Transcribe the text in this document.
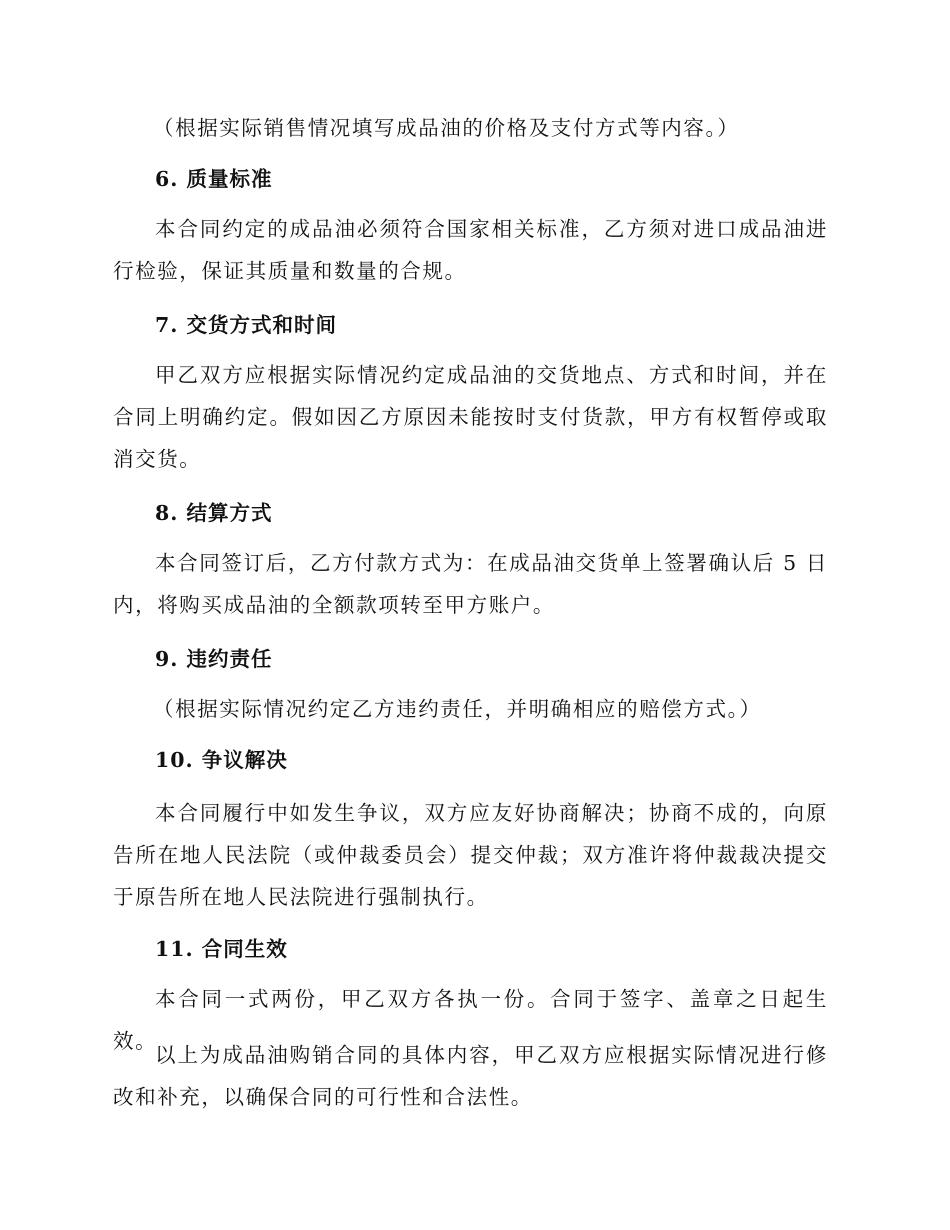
（根据实际销售情况填写成品油的价格及支付方式等内容。）

6. 质量标准

本合同约定的成品油必须符合国家相关标准，乙方须对进口成品油进行检验，保证其质量和数量的合规。

7. 交货方式和时间

甲乙双方应根据实际情况约定成品油的交货地点、方式和时间，并在合同上明确约定。假如因乙方原因未能按时支付货款，甲方有权暂停或取消交货。

8. 结算方式

本合同签订后，乙方付款方式为：在成品油交货单上签署确认后 5 日内，将购买成品油的全额款项转至甲方账户。

9. 违约责任

（根据实际情况约定乙方违约责任，并明确相应的赔偿方式。）

10. 争议解决

本合同履行中如发生争议，双方应友好协商解决；协商不成的，向原告所在地人民法院（或仲裁委员会）提交仲裁；双方准许将仲裁裁决提交于原告所在地人民法院进行强制执行。

11. 合同生效

本合同一式两份，甲乙双方各执一份。合同于签字、盖章之日起生效。

以上为成品油购销合同的具体内容，甲乙双方应根据实际情况进行修改和补充，以确保合同的可行性和合法性。
